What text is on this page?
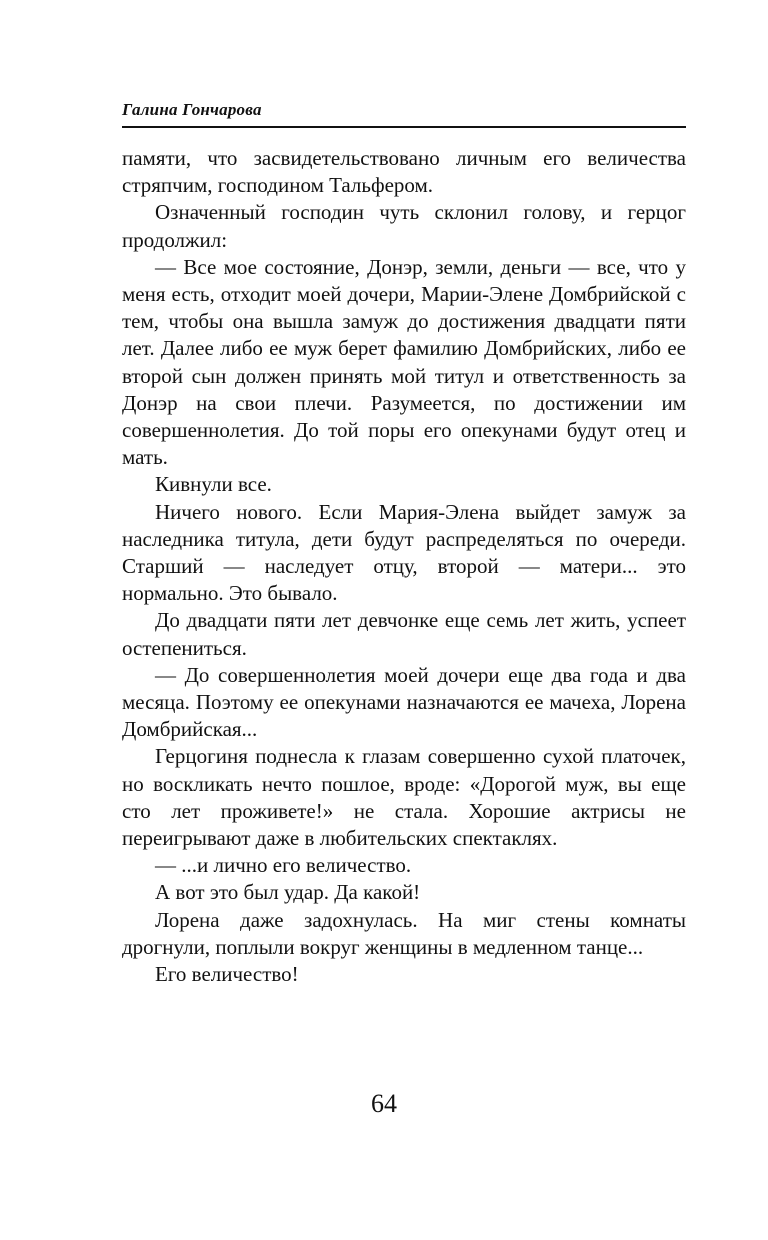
Галина Гончарова

памяти, что засвидетельствовано личным его величества стряпчим, господином Тальфером.

Означенный господин чуть склонил голову, и герцог продолжил:

— Все мое состояние, Донэр, земли, деньги — все, что у меня есть, отходит моей дочери, Марии-Элене Домбрийской с тем, чтобы она вышла замуж до достижения двадцати пяти лет. Далее либо ее муж берет фамилию Домбрийских, либо ее второй сын должен принять мой титул и ответственность за Донэр на свои плечи. Разумеется, по достижении им совершеннолетия. До той поры его опекунами будут отец и мать.

Кивнули все.

Ничего нового. Если Мария-Элена выйдет замуж за наследника титула, дети будут распределяться по очереди. Старший — наследует отцу, второй — матери... это нормально. Это бывало.

До двадцати пяти лет девчонке еще семь лет жить, успеет остепениться.

— До совершеннолетия моей дочери еще два года и два месяца. Поэтому ее опекунами назначаются ее мачеха, Лорена Домбрийская...

Герцогиня поднесла к глазам совершенно сухой платочек, но воскликать нечто пошлое, вроде: «Дорогой муж, вы еще сто лет проживете!» не стала. Хорошие актрисы не переигрывают даже в любительских спектаклях.

— ...и лично его величество.

А вот это был удар. Да какой!

Лорена даже задохнулась. На миг стены комнаты дрогнули, поплыли вокруг женщины в медленном танце...

Его величество!

64
